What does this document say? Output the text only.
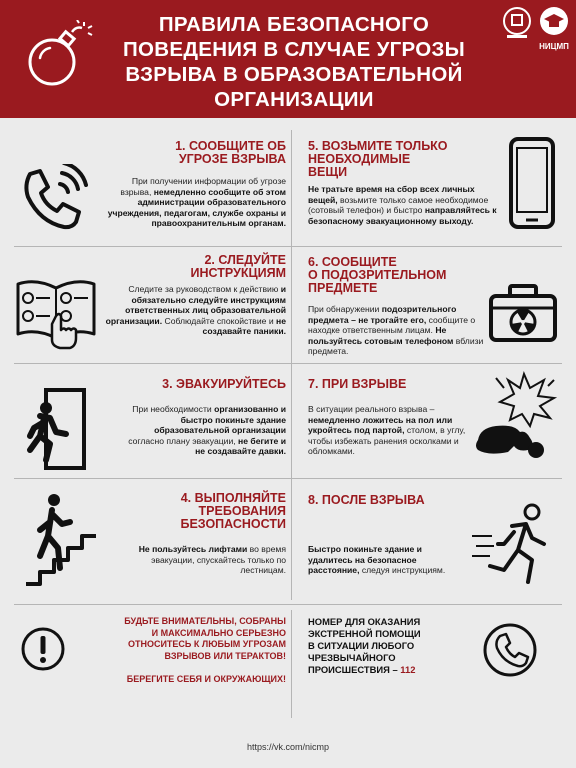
ПРАВИЛА БЕЗОПАСНОГО ПОВЕДЕНИЯ В СЛУЧАЕ УГРОЗЫ ВЗРЫВА В ОБРАЗОВАТЕЛЬНОЙ ОРГАНИЗАЦИИ
НИЦМП
1. СООБЩИТЕ ОБ
УГРОЗЕ ВЗРЫВА
При получении информации об угрозе взрыва, немедленно сообщите об этом администрации образовательного учреждения, педагогам, службе охраны и правоохранительным органам.
5. ВОЗЬМИТЕ ТОЛЬКО
НЕОБХОДИМЫЕ
ВЕЩИ
Не тратьте время на сбор всех личных вещей, возьмите только самое необходимое (сотовый телефон) и быстро направляйтесь к безопасному эвакуационному выходу.
2. СЛЕДУЙТЕ
ИНСТРУКЦИЯМ
Следите за руководством к действию и обязательно следуйте инструкциям ответственных лиц образовательной организации. Соблюдайте спокойствие и не создавайте паники.
6. СООБЩИТЕ
О ПОДОЗРИТЕЛЬНОМ
ПРЕДМЕТЕ
При обнаружении подозрительного предмета – не трогайте его, сообщите о находке ответственным лицам. Не пользуйтесь сотовым телефоном вблизи предмета.
3. ЭВАКУИРУЙТЕСЬ
При необходимости организованно и быстро покиньте здание образовательной организации согласно плану эвакуации, не бегите и не создавайте давки.
7. ПРИ ВЗРЫВЕ
В ситуации реального взрыва – немедленно ложитесь на пол или укройтесь под партой, столом, в углу, чтобы избежать ранения осколками и обломками.
4. ВЫПОЛНЯЙТЕ
ТРЕБОВАНИЯ
БЕЗОПАСНОСТИ
Не пользуйтесь лифтами во время эвакуации, спускайтесь только по лестницам.
8. ПОСЛЕ ВЗРЫВА
Быстро покиньте здание и удалитесь на безопасное расстояние, следуя инструкциям.
БУДЬТЕ ВНИМАТЕЛЬНЫ, СОБРАНЫ
И МАКСИМАЛЬНО СЕРЬЕЗНО
ОТНОСИТЕСЬ К ЛЮБЫМ УГРОЗАМ
ВЗРЫВОВ ИЛИ ТЕРАКТОВ!
БЕРЕГИТЕ СЕБЯ И ОКРУЖАЮЩИХ!
НОМЕР ДЛЯ ОКАЗАНИЯ
ЭКСТРЕННОЙ ПОМОЩИ
В СИТУАЦИИ ЛЮБОГО
ЧРЕЗВЫЧАЙНОГО
ПРОИСШЕСТВИЯ – 112
https://vk.com/nicmp
